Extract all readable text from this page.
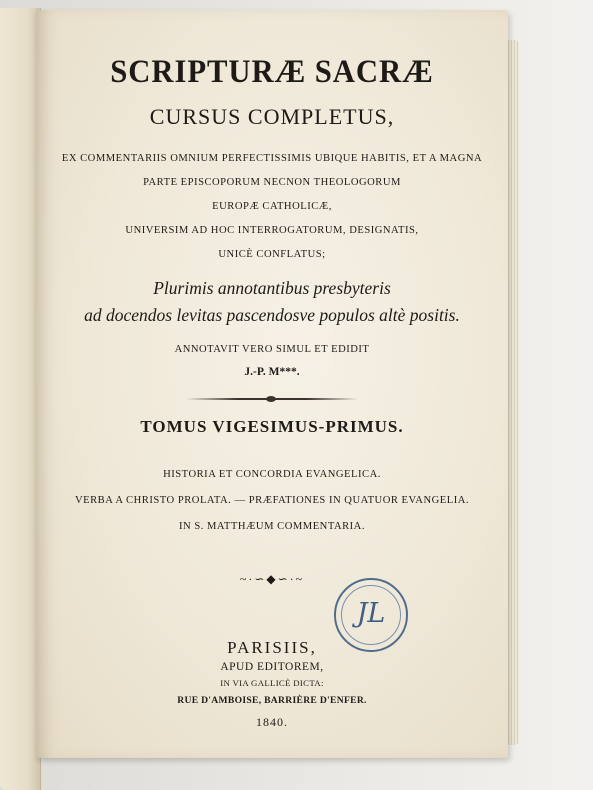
SCRIPTURÆ SACRÆ
CURSUS COMPLETUS,
EX COMMENTARIIS OMNIUM PERFECTISSIMIS UBIQUE HABITIS, ET A MAGNA
PARTE EPISCOPORUM NECNON THEOLOGORUM
EUROPÆ CATHOLICÆ,
UNIVERSIM AD HOC INTERROGATORUM, DESIGNATIS,
UNICÈ CONFLATUS;
Plurimis annotantibus presbyteris
ad docendos levitas pascendosve populos altè positis.
ANNOTAVIT VERO SIMUL ET EDIDIT
J.-P. M***.
TOMUS VIGESIMUS-PRIMUS.
HISTORIA ET CONCORDIA EVANGELICA.
VERBA A CHRISTO PROLATA. — PRÆFATIONES IN QUATUOR EVANGELIA.
IN S. MATTHÆUM COMMENTARIA.
~·∽◆∽·~
JL
PARISIIS,
APUD EDITOREM,
IN VIA GALLICÈ DICTA:
RUE D'AMBOISE, BARRIÈRE D'ENFER.
1840.
